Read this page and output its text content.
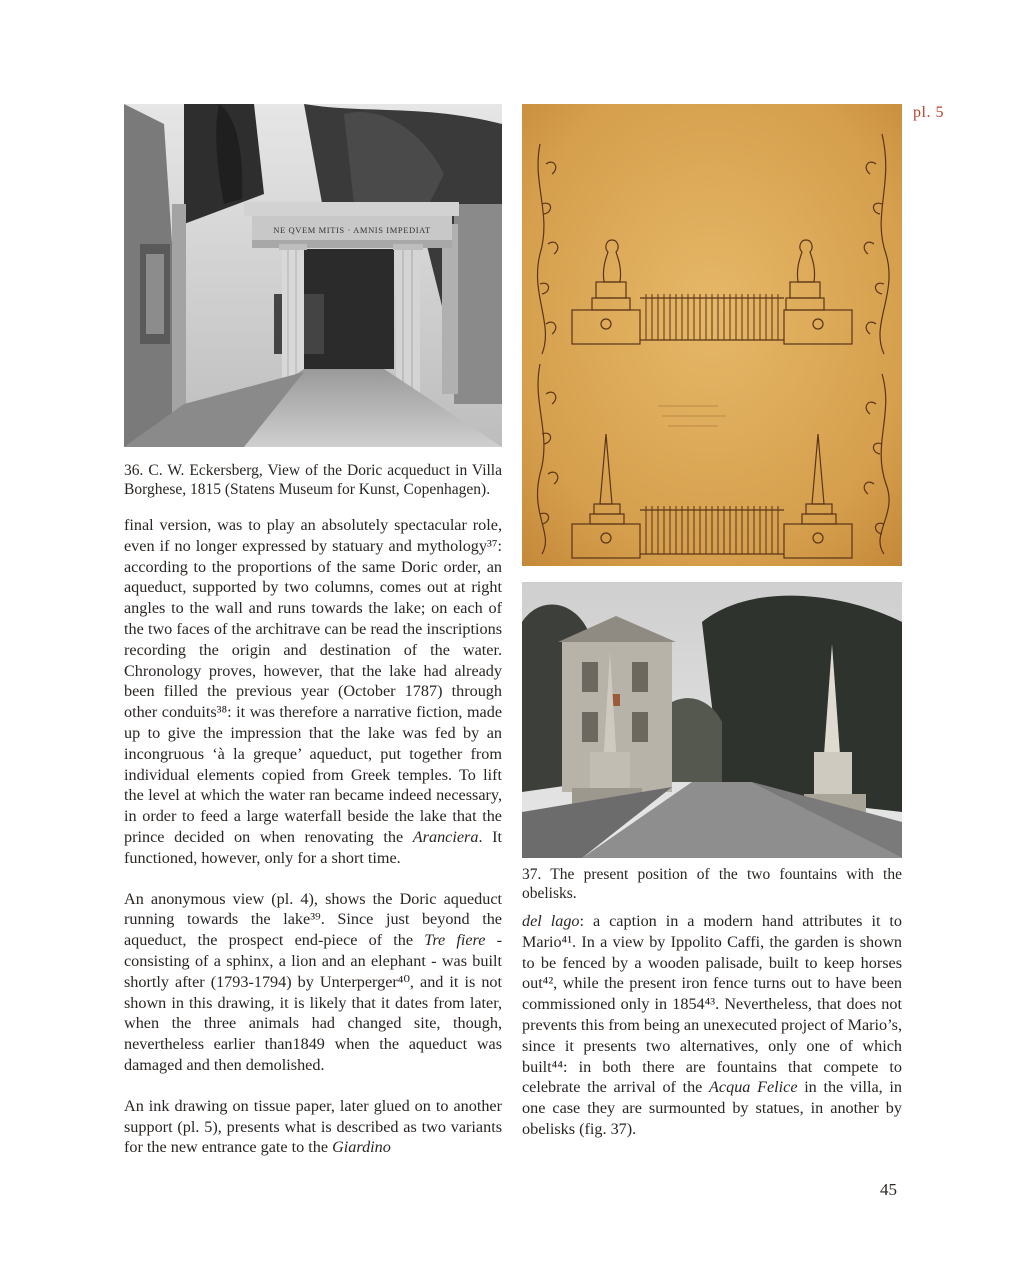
pl. 5
NE QVEM MITIS · AMNIS IMPEDIAT
36. C. W. Eckersberg, View of the Doric acqueduct in Villa Borghese, 1815 (Statens Museum for Kunst, Copenhagen).
37. The present position of the two fountains with the obelisks.

final version, was to play an absolutely spectacular role, even if no longer expressed by statuary and mythology³⁷: according to the proportions of the same Doric order, an aqueduct, supported by two columns, comes out at right angles to the wall and runs towards the lake; on each of the two faces of the architrave can be read the inscriptions recording the origin and destination of the water. Chronology proves, however, that the lake had already been filled the previous year (October 1787) through other conduits³⁸: it was therefore a narrative fiction, made up to give the impression that the lake was fed by an incongruous ‘à la greque’ aqueduct, put together from individual elements copied from Greek temples. To lift the level at which the water ran became indeed necessary, in order to feed a large waterfall beside the lake that the prince decided on when renovating the Aranciera. It functioned, however, only for a short time.

An anonymous view (pl. 4), shows the Doric aqueduct running towards the lake³⁹. Since just beyond the aqueduct, the prospect end-piece of the Tre fiere - consisting of a sphinx, a lion and an elephant - was built shortly after (1793-1794) by Unterperger⁴⁰, and it is not shown in this drawing, it is likely that it dates from later, when the three animals had changed site, though, nevertheless earlier than1849 when the aqueduct was damaged and then demolished.

An ink drawing on tissue paper, later glued on to another support (pl. 5), presents what is described as two variants for the new entrance gate to the Giardino

del lago: a caption in a modern hand attributes it to Mario⁴¹. In a view by Ippolito Caffi, the garden is shown to be fenced by a wooden palisade, built to keep horses out⁴², while the present iron fence turns out to have been commissioned only in 1854⁴³. Nevertheless, that does not prevents this from being an unexecuted project of Mario’s, since it presents two alternatives, only one of which built⁴⁴: in both there are fountains that compete to celebrate the arrival of the Acqua Felice in the villa, in one case they are surmounted by statues, in another by obelisks (fig. 37).

45
